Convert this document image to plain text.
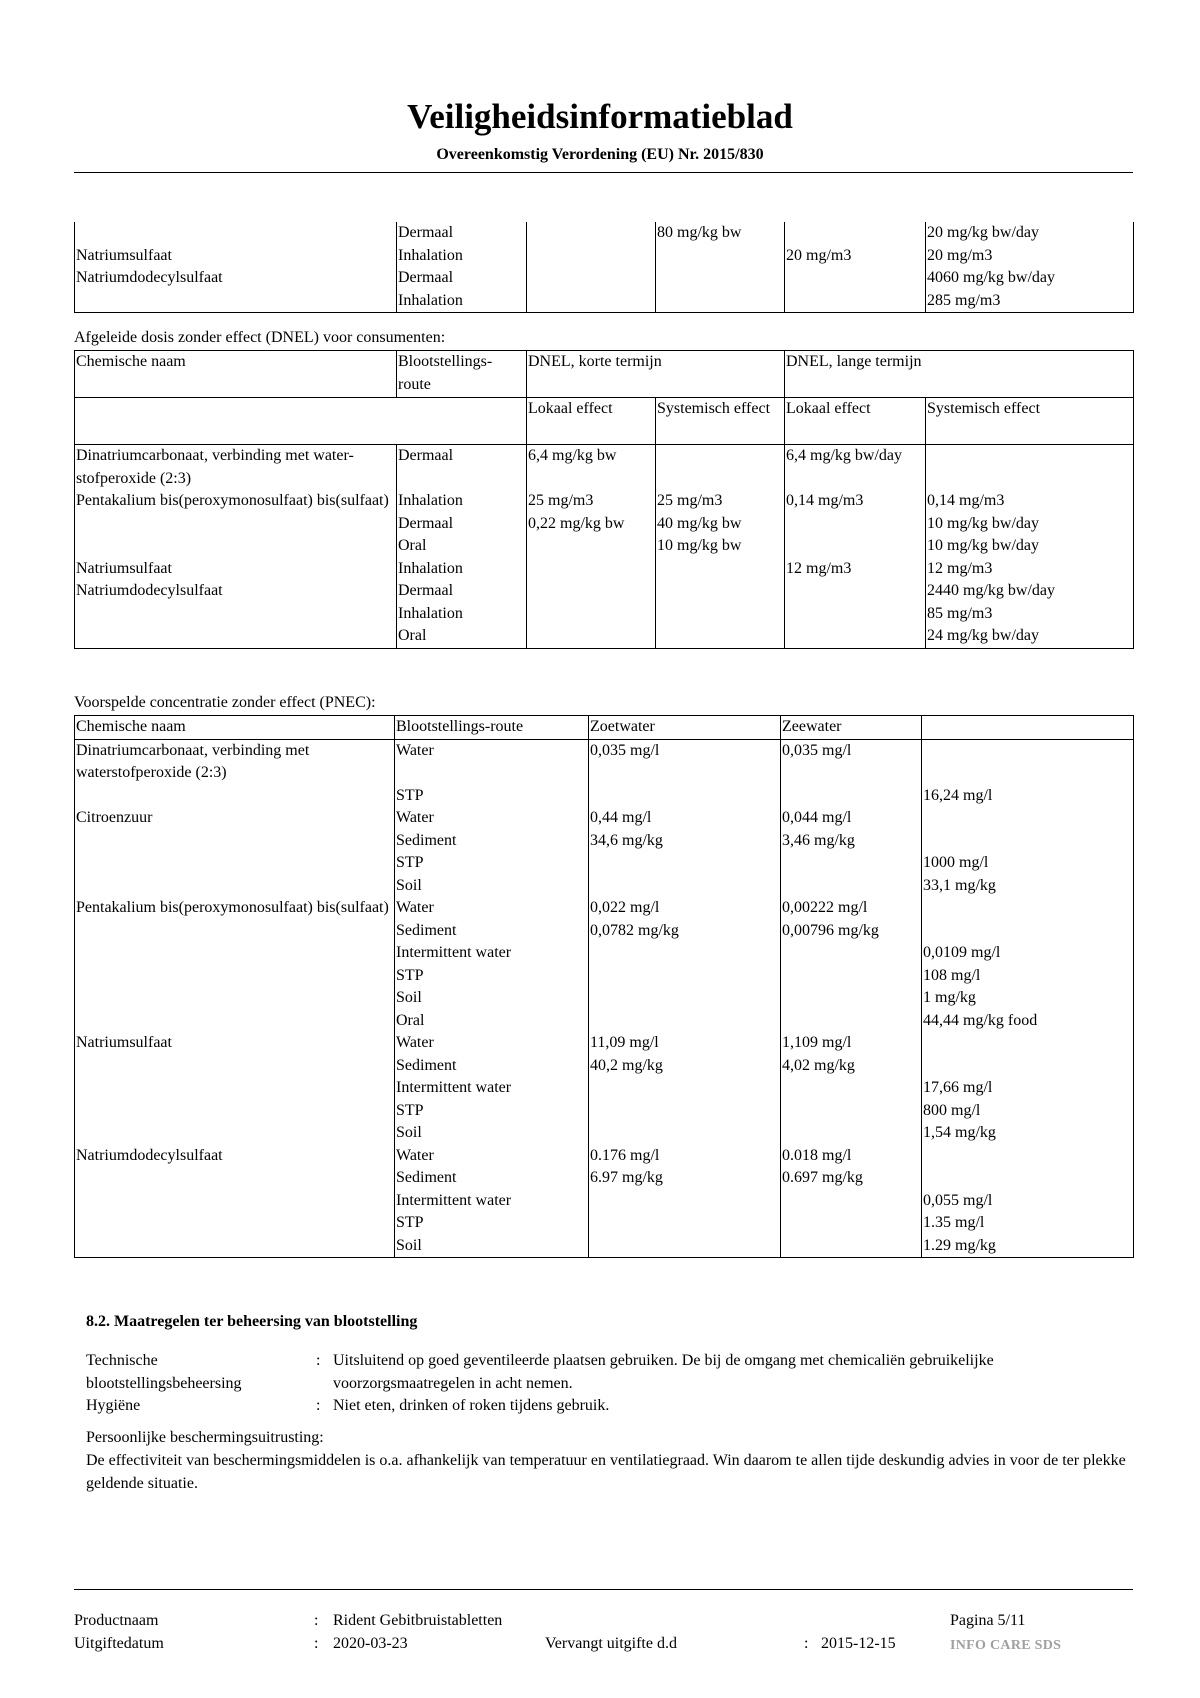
Veiligheidsinformatieblad
Overeenkomstig Verordening (EU) Nr. 2015/830
	Dermaal		80 mg/kg bw		20 mg/kg bw/day
Natriumsulfaat	Inhalation			20 mg/m3	20 mg/m3
Natriumdodecylsulfaat	Dermaal				4060 mg/kg bw/day
	Inhalation				285 mg/m3
Afgeleide dosis zonder effect (DNEL) voor consumenten:
Chemische naam	Blootstellings-route	DNEL, korte termijn		DNEL, lange termijn	
		Lokaal effect	Systemisch effect	Lokaal effect	Systemisch effect
Dinatriumcarbonaat, verbinding met water-stofperoxide (2:3)	Dermaal	6,4 mg/kg bw		6,4 mg/kg bw/day	
Pentakalium bis(peroxymonosulfaat) bis(sulfaat)	Inhalation	25 mg/m3	25 mg/m3	0,14 mg/m3	0,14 mg/m3
	Dermaal	0,22 mg/kg bw	40 mg/kg bw		10 mg/kg bw/day
	Oral		10 mg/kg bw		10 mg/kg bw/day
Natriumsulfaat	Inhalation			12 mg/m3	12 mg/m3
Natriumdodecylsulfaat	Dermaal				2440 mg/kg bw/day
	Inhalation				85 mg/m3
	Oral				24 mg/kg bw/day
Voorspelde concentratie zonder effect (PNEC):
Chemische naam	Blootstellings-route	Zoetwater	Zeewater	
Dinatriumcarbonaat, verbinding met waterstofperoxide (2:3)	Water	0,035 mg/l	0,035 mg/l	
	STP			16,24 mg/l
Citroenzuur	Water	0,44 mg/l	0,044 mg/l	
	Sediment	34,6 mg/kg	3,46 mg/kg	
	STP			1000 mg/l
	Soil			33,1 mg/kg
Pentakalium bis(peroxymonosulfaat) bis(sulfaat)	Water	0,022 mg/l	0,00222 mg/l	
	Sediment	0,0782 mg/kg	0,00796 mg/kg	
	Intermittent water			0,0109 mg/l
	STP			108 mg/l
	Soil			1 mg/kg
	Oral			44,44 mg/kg food
Natriumsulfaat	Water	11,09 mg/l	1,109 mg/l	
	Sediment	40,2 mg/kg	4,02 mg/kg	
	Intermittent water			17,66 mg/l
	STP			800 mg/l
	Soil			1,54 mg/kg
Natriumdodecylsulfaat	Water	0.176 mg/l	0.018 mg/l	
	Sediment	6.97 mg/kg	0.697 mg/kg	
	Intermittent water			0,055 mg/l
	STP			1.35 mg/l
	Soil			1.29 mg/kg
8.2. Maatregelen ter beheersing van blootstelling
Technische
blootstellingsbeheersing
: Uitsluitend op goed geventileerde plaatsen gebruiken. De bij de omgang met chemicaliën gebruikelijke voorzorgsmaatregelen in acht nemen.
Hygiëne	: Niet eten, drinken of roken tijdens gebruik.
Persoonlijke beschermingsuitrusting:
De effectiviteit van beschermingsmiddelen is o.a. afhankelijk van temperatuur en ventilatiegraad. Win daarom te allen tijde deskundig advies in voor de ter plekke geldende situatie.
Productnaam	: Rident Gebitbruistabletten	Pagina 5/11
Uitgiftedatum	: 2020-03-23	Vervangt uitgifte d.d	: 2015-12-15	INFO CARE SDS
